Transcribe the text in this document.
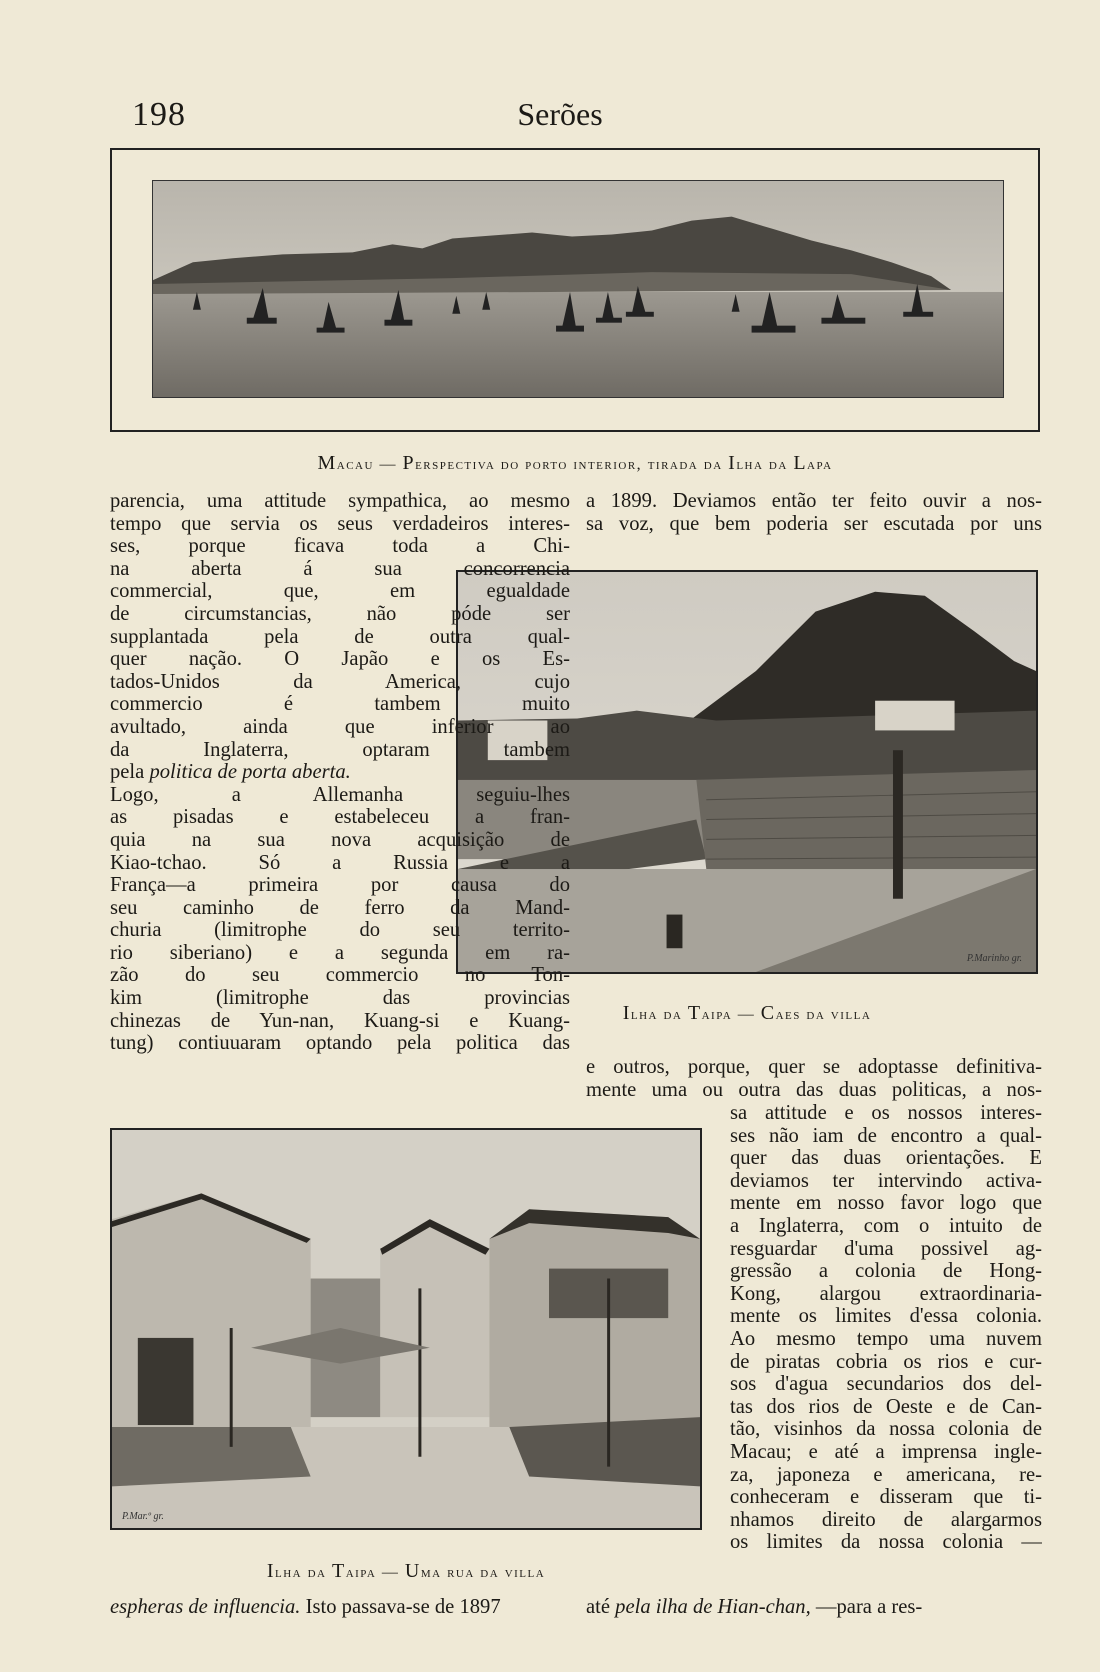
198	Serões
Macau — Perspectiva do porto interior, tirada da Ilha da Lapa
P.Marinho gr.
Ilha da Taipa — Caes da villa
P.Mar.º gr.
Ilha da Taipa — Uma rua da villa
parencia, uma attitude sympathica, ao mesmo
tempo que servia os seus verdadeiros interes-
ses, porque ficava toda a Chi-
na aberta á sua concorrencia
commercial, que, em egualdade
de circumstancias, não póde ser
supplantada pela de outra qual-
quer nação. O Japão e os Es-
tados-Unidos da America, cujo
commercio é tambem muito
avultado, ainda que inferior ao
da Inglaterra, optaram tambem
pela politica de porta aberta.
Logo, a Allemanha seguiu-lhes
as pisadas e estabeleceu a fran-
quia na sua nova acquisição de
Kiao-tchao. Só a Russia e a
França—a primeira por causa do
seu caminho de ferro da Mand-
churia (limitrophe do seu territo-
rio siberiano) e a segunda em ra-
zão do seu commercio no Ton-
kim (limitrophe das provincias
chinezas de Yun-nan, Kuang-si e Kuang-
tung) contiuuaram optando pela politica das
espheras de influencia. Isto passava-se de 1897
a 1899. Deviamos então ter feito ouvir a nos-
sa voz, que bem poderia ser escutada por uns
e outros, porque, quer se adoptasse definitiva-
mente uma ou outra das duas politicas, a nos-
sa attitude e os nossos interes-
ses não iam de encontro a qual-
quer das duas orientações. E
deviamos ter intervindo activa-
mente em nosso favor logo que
a Inglaterra, com o intuito de
resguardar d'uma possivel ag-
gressão a colonia de Hong-
Kong, alargou extraordinaria-
mente os limites d'essa colonia.
Ao mesmo tempo uma nuvem
de piratas cobria os rios e cur-
sos d'agua secundarios dos del-
tas dos rios de Oeste e de Can-
tão, visinhos da nossa colonia de
Macau; e até a imprensa ingle-
za, japoneza e americana, re-
conheceram e disseram que ti-
nhamos direito de alargarmos
os limites da nossa colonia —
até pela ilha de Hian-chan, —para a res-
